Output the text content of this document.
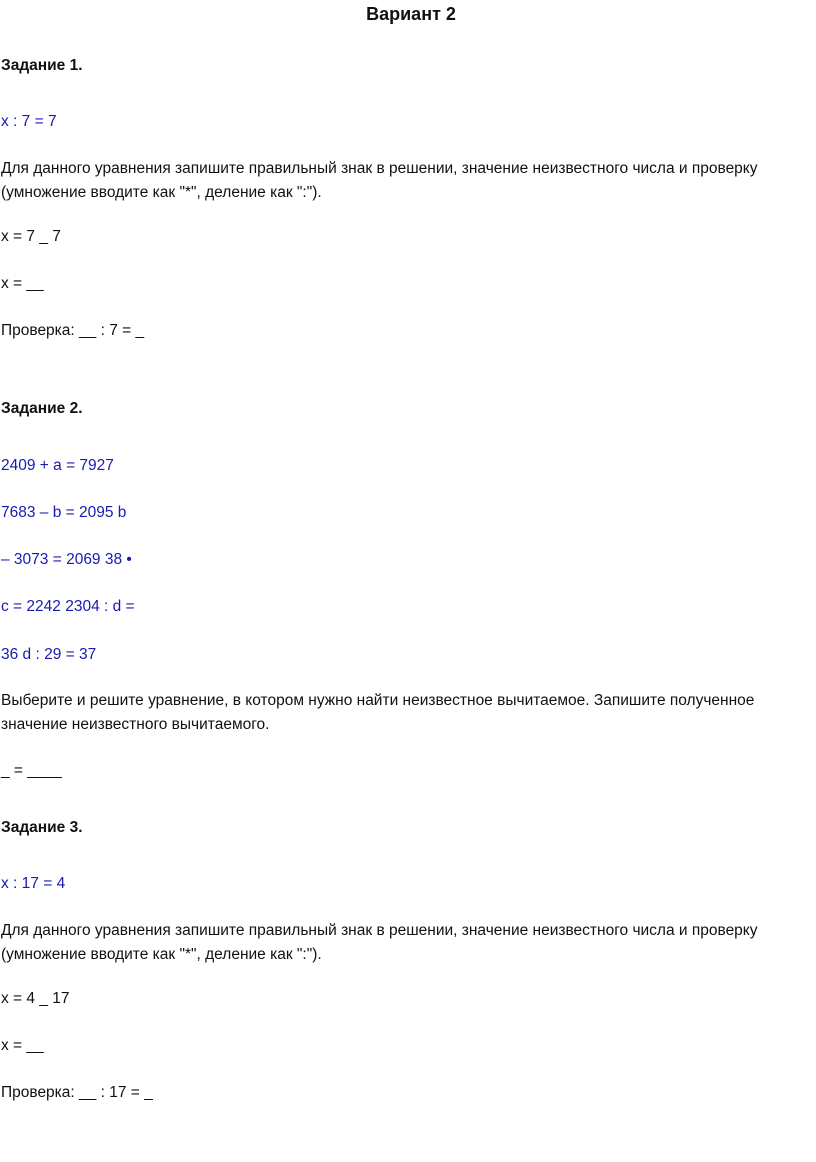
Вариант 2
Задание 1.
x : 7 = 7
Для данного уравнения запишите правильный знак в решении, значение неизвестного числа и проверку (умножение вводите как "*", деление как ":").
x = 7 _ 7
x = __
Проверка: __ : 7 = _
Задание 2.
2409 + a = 7927
7683 – b = 2095 b
– 3073 = 2069 38 •
c = 2242 2304 : d =
36 d : 29 = 37
Выберите и решите уравнение, в котором нужно найти неизвестное вычитаемое. Запишите полученное значение неизвестного вычитаемого.
_ = ____
Задание 3.
x : 17 = 4
Для данного уравнения запишите правильный знак в решении, значение неизвестного числа и проверку (умножение вводите как "*", деление как ":").
x = 4 _ 17
x = __
Проверка: __ : 17 = _
